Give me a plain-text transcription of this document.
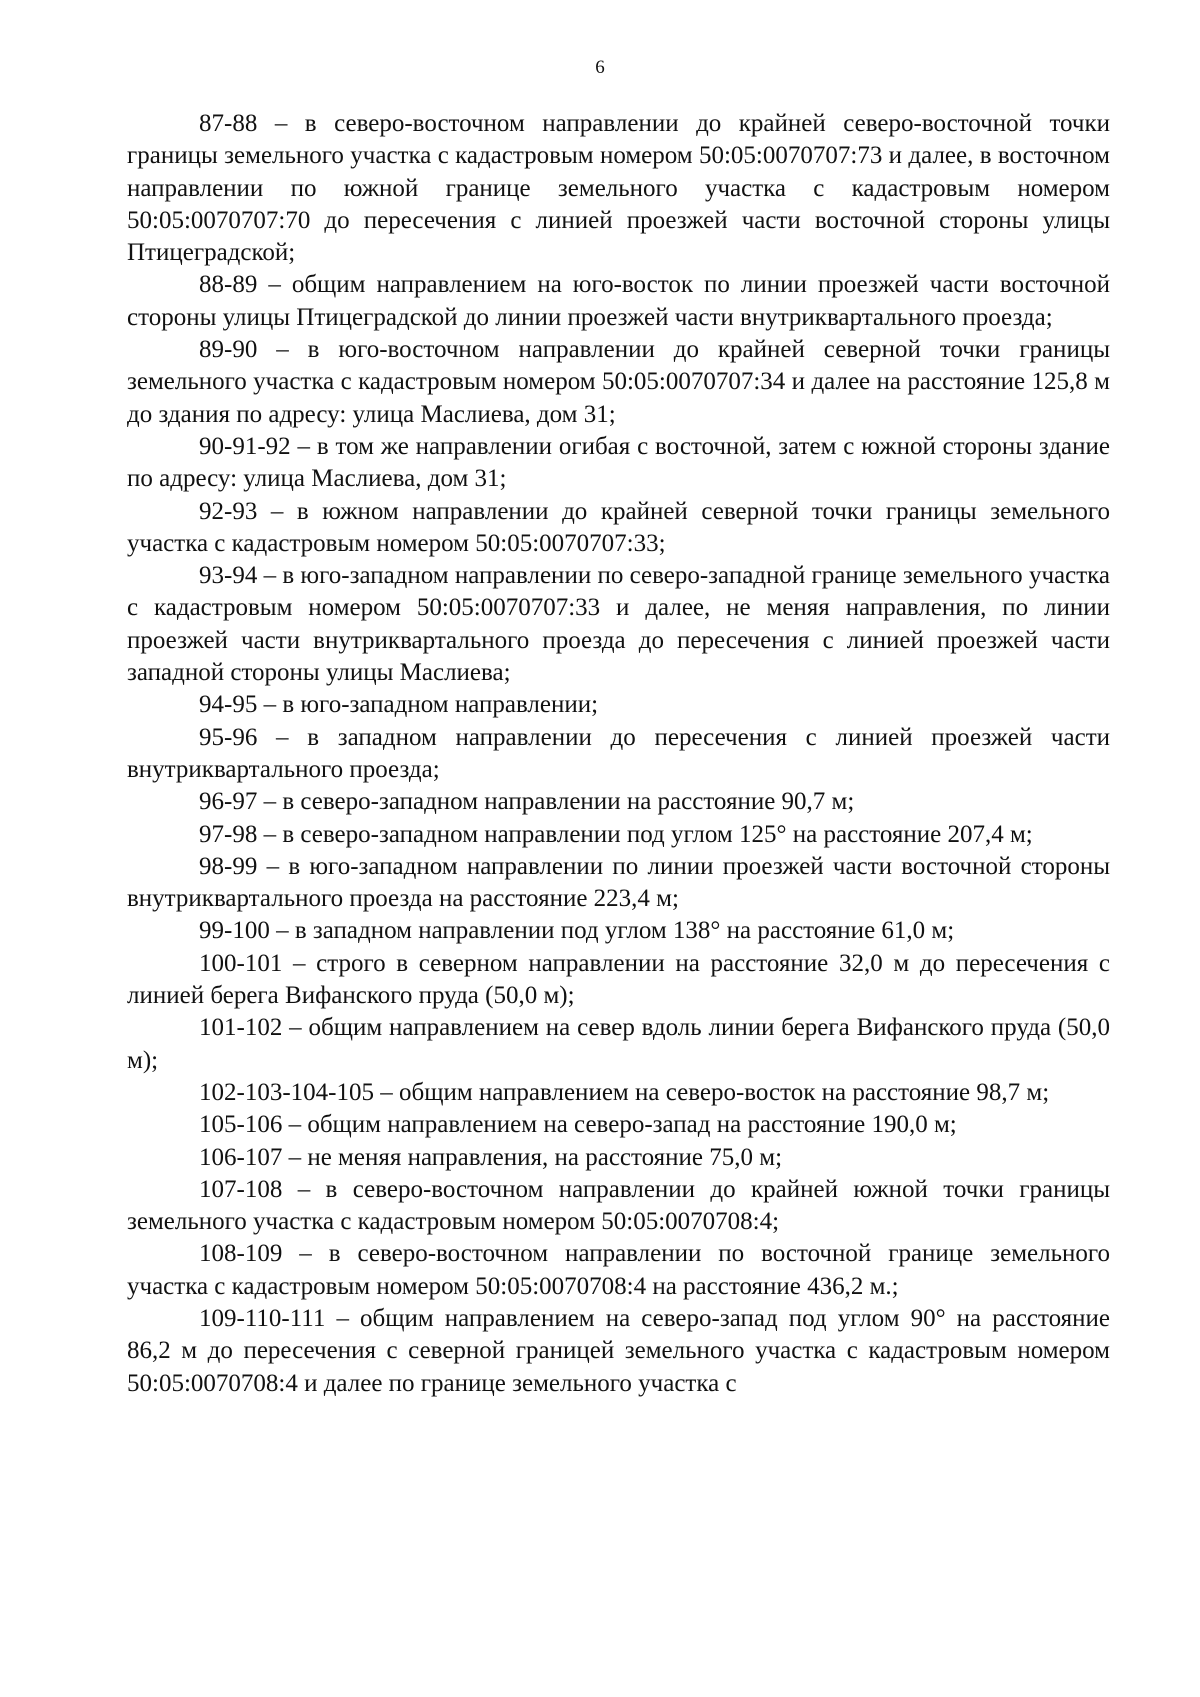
6

87-88 – в северо-восточном направлении до крайней северо-восточной точки границы земельного участка с кадастровым номером 50:05:0070707:73 и далее, в восточном направлении по южной границе земельного участка с кадастровым номером 50:05:0070707:70 до пересечения с линией проезжей части восточной стороны улицы Птицеградской;

88-89 – общим направлением на юго-восток по линии проезжей части восточной стороны улицы Птицеградской до линии проезжей части внутриквартального проезда;

89-90 – в юго-восточном направлении до крайней северной точки границы земельного участка с кадастровым номером 50:05:0070707:34 и далее на расстояние 125,8 м до здания по адресу: улица Маслиева, дом 31;

90-91-92 – в том же направлении огибая с восточной, затем с южной стороны здание по адресу: улица Маслиева, дом 31;

92-93 – в южном направлении до крайней северной точки границы земельного участка с кадастровым номером 50:05:0070707:33;

93-94 – в юго-западном направлении по северо-западной границе земельного участка с кадастровым номером 50:05:0070707:33 и далее, не меняя направления, по линии проезжей части внутриквартального проезда до пересечения с линией проезжей части западной стороны улицы Маслиева;

94-95 – в юго-западном направлении;

95-96 – в западном направлении до пересечения с линией проезжей части внутриквартального проезда;

96-97 – в северо-западном направлении на расстояние 90,7 м;

97-98 – в северо-западном направлении под углом 125° на расстояние 207,4 м;

98-99 – в юго-западном направлении по линии проезжей части восточной стороны внутриквартального проезда на расстояние 223,4 м;

99-100 – в западном направлении под углом 138° на расстояние 61,0 м;

100-101 – строго в северном направлении на расстояние 32,0 м до пересечения с линией берега Вифанского пруда (50,0 м);

101-102 – общим направлением на север вдоль линии берега Вифанского пруда (50,0 м);

102-103-104-105 – общим направлением на северо-восток на расстояние 98,7 м;

105-106 – общим направлением на северо-запад на расстояние 190,0 м;

106-107 – не меняя направления, на расстояние 75,0 м;

107-108 – в северо-восточном направлении до крайней южной точки границы земельного участка с кадастровым номером 50:05:0070708:4;

108-109 – в северо-восточном направлении по восточной границе земельного участка с кадастровым номером 50:05:0070708:4 на расстояние 436,2 м.;

109-110-111 – общим направлением на северо-запад под углом 90° на расстояние 86,2 м до пересечения с северной границей земельного участка с кадастровым номером 50:05:0070708:4 и далее по границе земельного участка с
